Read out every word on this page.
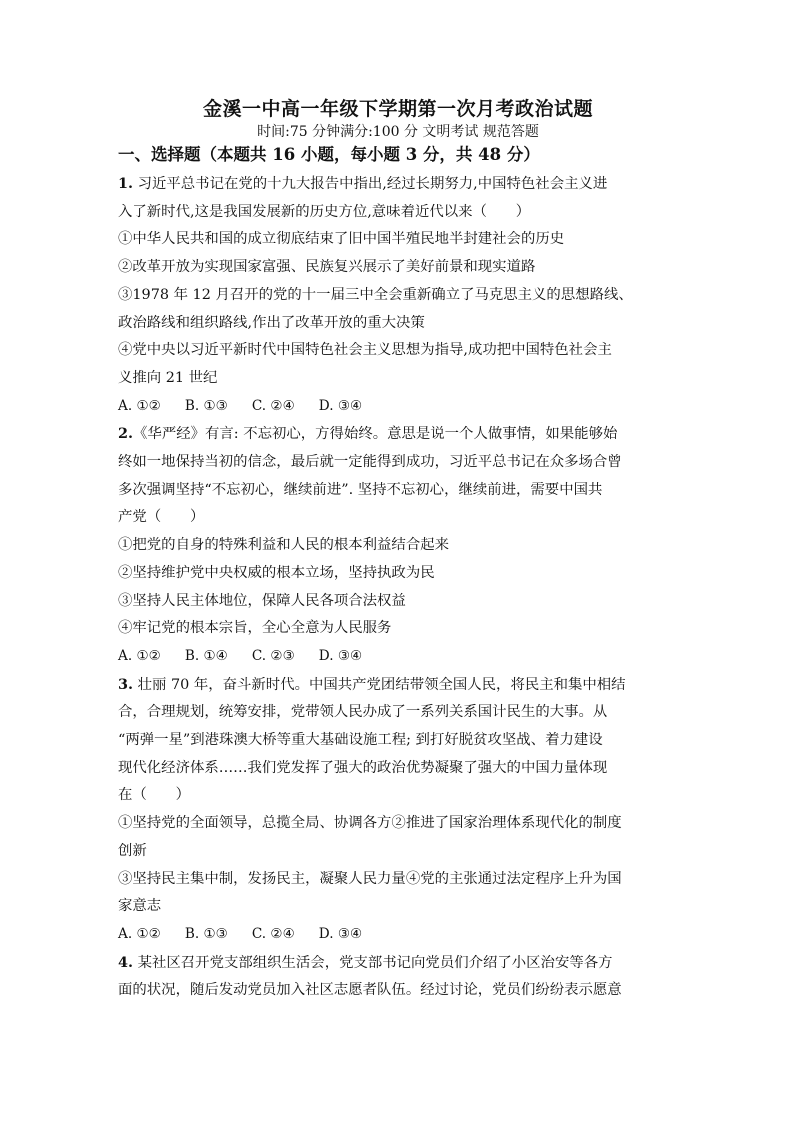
金溪一中高一年级下学期第一次月考政治试题

时间:75 分钟满分:100 分 文明考试 规范答题

一、选择题（本题共 16 小题，每小题 3 分，共 48 分）

1. 习近平总书记在党的十九大报告中指出,经过长期努力,中国特色社会主义进

入了新时代,这是我国发展新的历史方位,意味着近代以来（　　）

①中华人民共和国的成立彻底结束了旧中国半殖民地半封建社会的历史

②改革开放为实现国家富强、民族复兴展示了美好前景和现实道路

③1978 年 12 月召开的党的十一届三中全会重新确立了马克思主义的思想路线、

政治路线和组织路线,作出了改革开放的重大决策

④党中央以习近平新时代中国特色社会主义思想为指导,成功把中国特色社会主

义推向 21 世纪

A. ①② B. ①③ C. ②④ D. ③④

2.《华严经》有言: 不忘初心，方得始终。意思是说一个人做事情，如果能够始

终如一地保持当初的信念，最后就一定能得到成功，习近平总书记在众多场合曾

多次强调坚持“不忘初心，继续前进”. 坚持不忘初心，继续前进，需要中国共

产党（　　）

①把党的自身的特殊利益和人民的根本利益结合起来

②坚持维护党中央权威的根本立场，坚持执政为民

③坚持人民主体地位，保障人民各项合法权益

④牢记党的根本宗旨，全心全意为人民服务

A. ①② B. ①④ C. ②③ D. ③④

3. 壮丽 70 年，奋斗新时代。中国共产党团结带领全国人民，将民主和集中相结

合，合理规划，统筹安排，党带领人民办成了一系列关系国计民生的大事。从

“两弹一星”到港珠澳大桥等重大基础设施工程; 到打好脱贫攻坚战、着力建设

现代化经济体系……我们党发挥了强大的政治优势凝聚了强大的中国力量体现

在（　　）

①坚持党的全面领导，总揽全局、协调各方②推进了国家治理体系现代化的制度

创新

③坚持民主集中制，发扬民主，凝聚人民力量④党的主张通过法定程序上升为国

家意志

A. ①② B. ①③ C. ②④ D. ③④

4. 某社区召开党支部组织生活会，党支部书记向党员们介绍了小区治安等各方

面的状况，随后发动党员加入社区志愿者队伍。经过讨论，党员们纷纷表示愿意
